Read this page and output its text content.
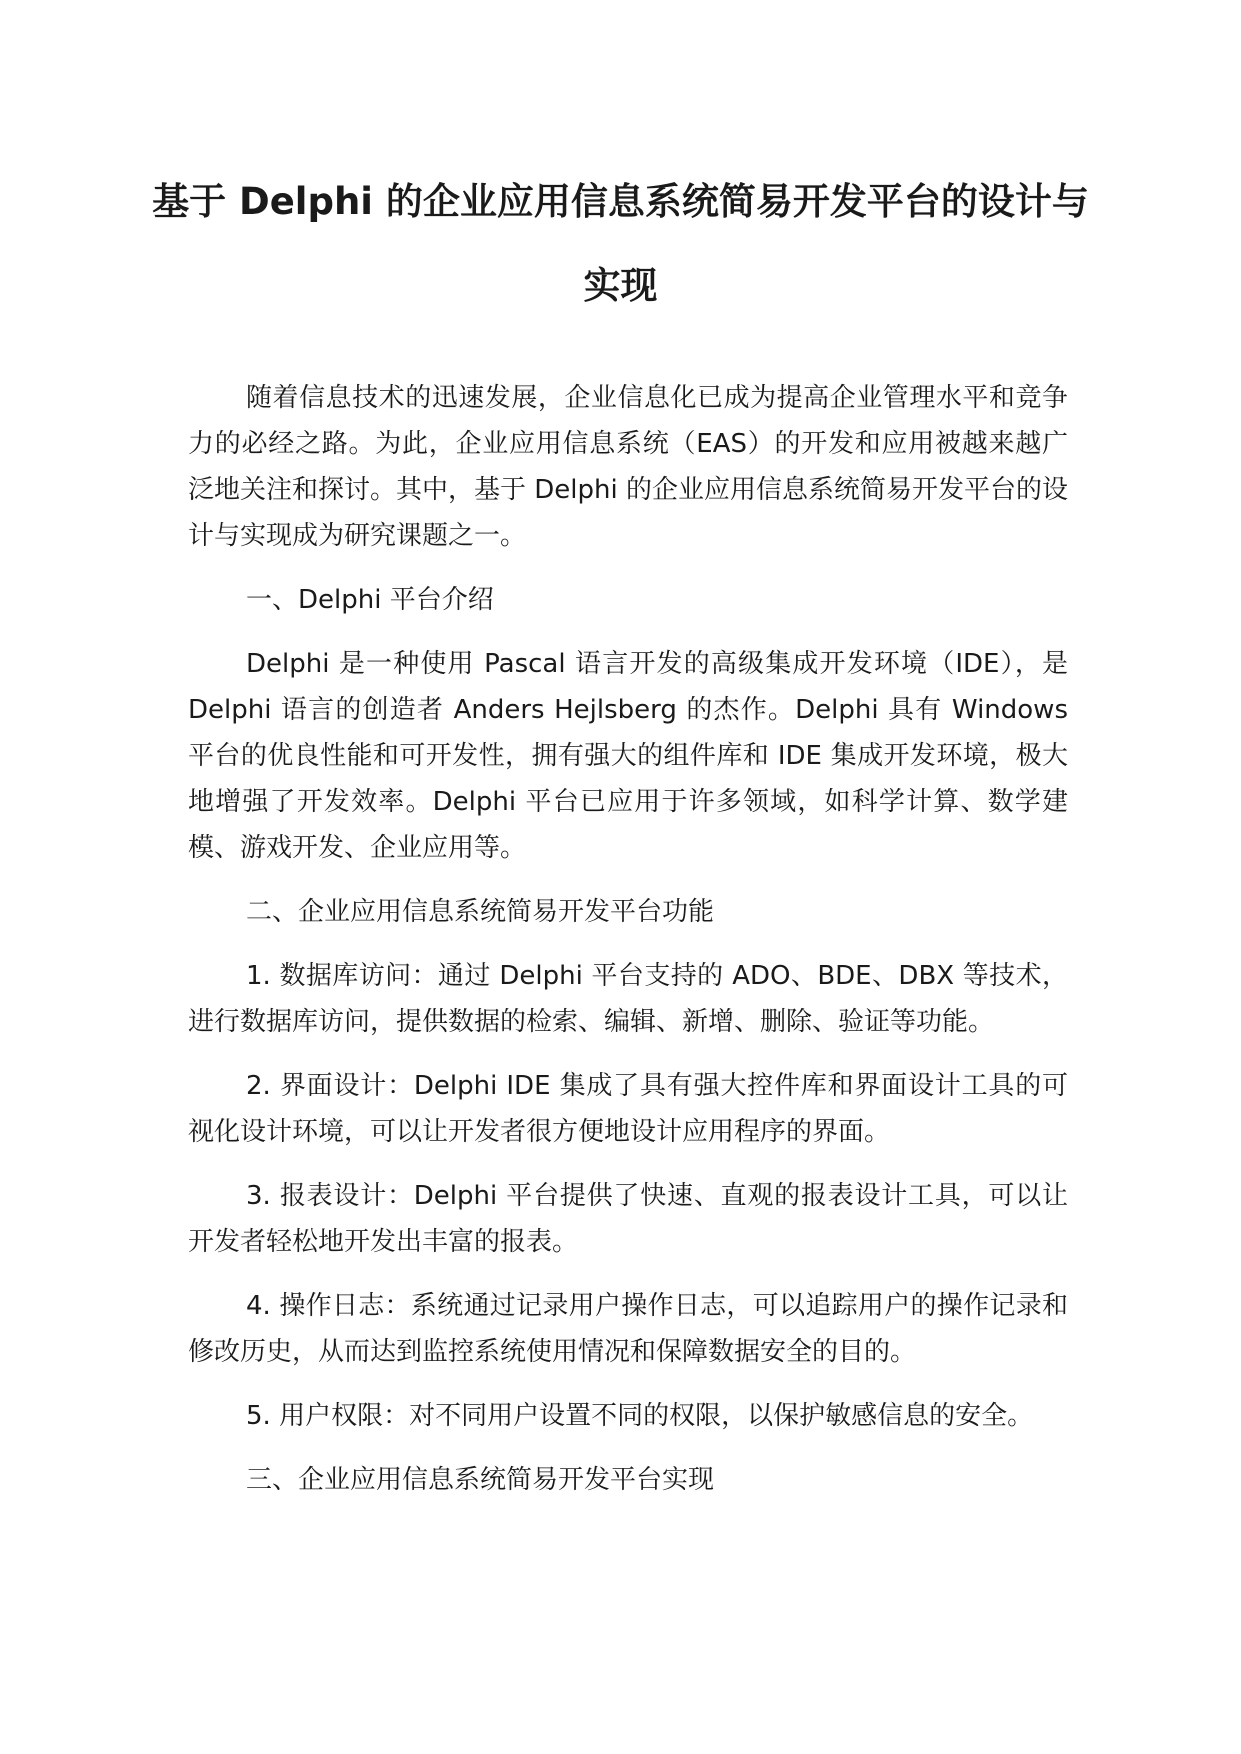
基于 Delphi 的企业应用信息系统简易开发平台的设计与实现

随着信息技术的迅速发展，企业信息化已成为提高企业管理水平和竞争力的必经之路。为此，企业应用信息系统（EAS）的开发和应用被越来越广泛地关注和探讨。其中，基于 Delphi 的企业应用信息系统简易开发平台的设计与实现成为研究课题之一。

一、Delphi 平台介绍

Delphi 是一种使用 Pascal 语言开发的高级集成开发环境（IDE），是 Delphi 语言的创造者 Anders Hejlsberg 的杰作。Delphi 具有 Windows 平台的优良性能和可开发性，拥有强大的组件库和 IDE 集成开发环境，极大地增强了开发效率。Delphi 平台已应用于许多领域，如科学计算、数学建模、游戏开发、企业应用等。

二、企业应用信息系统简易开发平台功能

1. 数据库访问：通过 Delphi 平台支持的 ADO、BDE、DBX 等技术，进行数据库访问，提供数据的检索、编辑、新增、删除、验证等功能。

2. 界面设计：Delphi IDE 集成了具有强大控件库和界面设计工具的可视化设计环境，可以让开发者很方便地设计应用程序的界面。

3. 报表设计：Delphi 平台提供了快速、直观的报表设计工具，可以让开发者轻松地开发出丰富的报表。

4. 操作日志：系统通过记录用户操作日志，可以追踪用户的操作记录和修改历史，从而达到监控系统使用情况和保障数据安全的目的。

5. 用户权限：对不同用户设置不同的权限，以保护敏感信息的安全。

三、企业应用信息系统简易开发平台实现
